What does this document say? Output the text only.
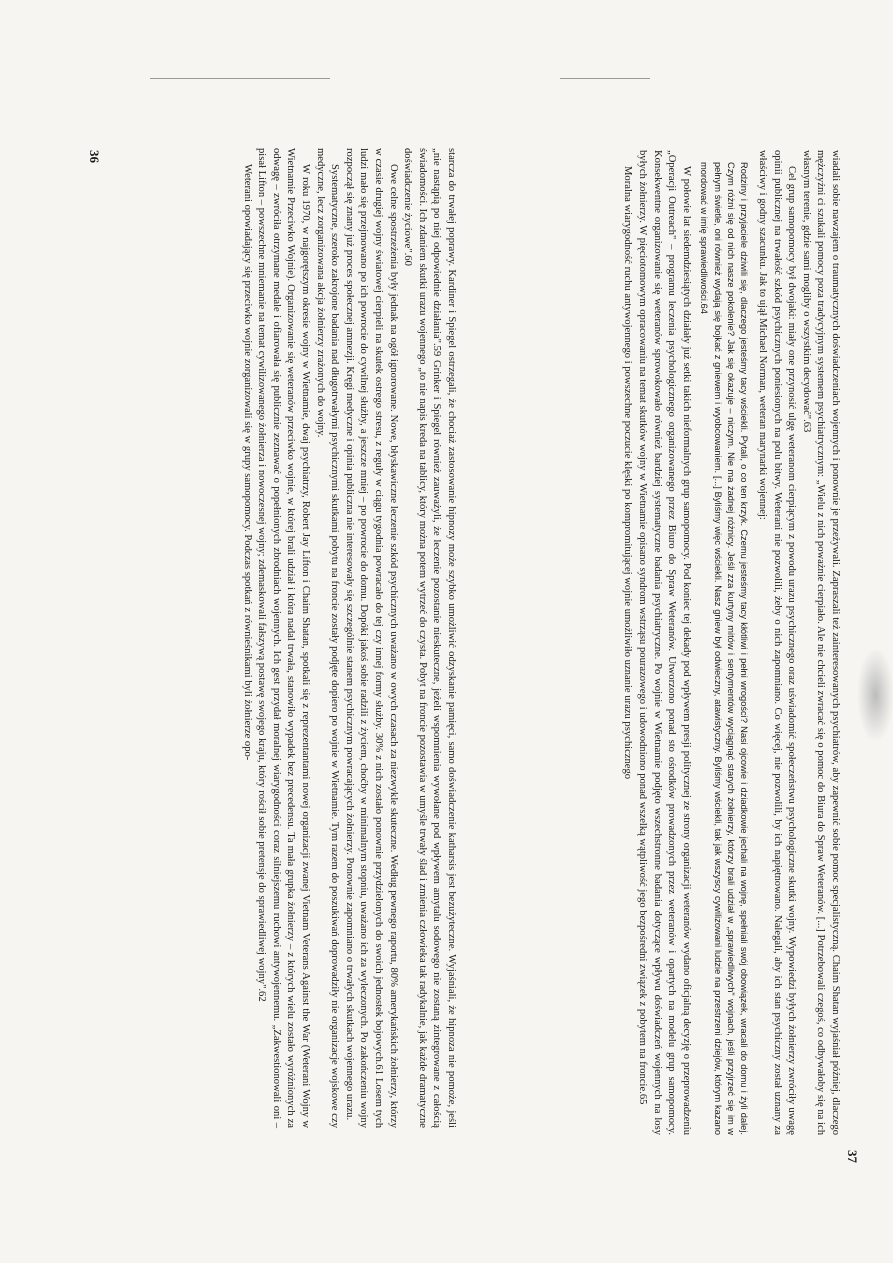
starcza do trwałej poprawy. Kardiner i Spiegel ostrzegali, że chociaż zastosowanie hipnozy może szybko umożliwić odzyskanie pamięci, samo doświadczenie katharsis jest bezużyteczne. Wyjaśniali, że hipnoza nie pomoże, jeśli „nie nastąpią po niej odpowiednie działania".59 Grinker i Spiegel również zauważyli, że leczenie pozostanie nieskuteczne, jeżeli wspomnienia wywołane pod wpływem amytalu sodowego nie zostaną zintegrowane z całością świadomości. Ich zdaniem skutki urazu wojennego „to nie napis kreda na tablicy, który można potem wytrzeć do czysta. Pobyt na froncie pozostawia w umyśle trwały ślad i zmienia człowieka tak radykalnie, jak każde dramatyczne doświadczenie życiowe".60

Owe celne spostrzeżenia były jednak na ogół ignorowane. Nowe, błyskawiczne leczenie szkód psychicznych uważano w owych czasach za niezwykle skuteczne. Według pewnego raportu, 80% amerykańskich żołnierzy, którzy w czasie drugiej wojny światowej cierpieli na skutek ostrego stresu, z reguły w ciągu tygodnia powracało do tej czy innej formy służby. 30% z nich zostało ponownie przydzielonych do swoich jednostek bojowych.61 Losem tych ludzi mało się przejmowano po ich powrocie do cywilnej służby, a jeszcze mniej – po powrocie do domu. Dopóki jakoś sobie radzili z życiem, choćby w minimalnym stopniu, uważano ich za wyleczonych. Po zakończeniu wojny rozpoczął się znany już proces społecznej amnezji. Kręgi medyczne i opinia publiczna nie interesowały się szczególnie stanem psychicznym powracających żołnierzy. Ponownie zapomniano o trwałych skutkach wojennego urazu.

Systematyczne, szeroko zakrojone badania nad długotrwałymi psychicznymi skutkami pobytu na froncie zostały podjęte dopiero po wojnie w Wietnamie. Tym razem do poszukiwań doprowadziły nie organizacje wojskowe czy medyczne, lecz zorganizowana akcja żołnierzy zrażonych do wojny.

W roku 1970, w najgorętszym okresie wojny w Wietnamie, dwaj psychiatrzy, Robert Jay Lifton i Chaim Shatan, spotkali się z reprezentantami nowej organizacji zwanej Vietnam Veterans Against the War (Weterani Wojny w Wietnamie Przeciwko Wojnie). Organizowanie się weteranów przeciwko wojnie, w której brali udział i która nadal trwała, stanowiło wypadek bez precedensu. Ta mała grupka żołnierzy – z których wielu zostało wyróżnionych za odwagę – zwróciła otrzymane medale i ofiarowała się publicznie zeznawać o popełnionych zbrodniach wojennych. Ich gest przydał moralnej wiarygodności coraz silniejszemu ruchowi antywojennemu. „Zakwestionowali oni – pisał Lifton – powszechne mniemanie na temat cywilizowanego żołnierza i nowoczesnej wojny; zdemaskowali fałszywą postawę swojego kraju, który rościł sobie pretensje do sprawiedliwej wojny".62

Weterani opowiadający się przeciwko wojnie zorganizowali się w grupy samopomocy. Podczas spotkań z równieśnikami byli żołnierze opo-

36	wiadali sobie nawzajem o traumatycznych doświadczeniach wojennych i ponownie je przeżywali. Zapraszali też zainteresowanych psychiatrów, aby zapewnić sobie pomoc specjalistyczną. Chaim Shatan wyjaśniał później, dlaczego mężczyźni ci szukali pomocy poza tradycyjnym systemem psychiatrycznym: „Wielu z nich poważnie cierpiało. Ale nie chcieli zwracać się o pomoc do Biura do Spraw Weteranów. [...] Potrzebowali czegoś, co odbywałoby się na ich własnym terenie, gdzie sami mogliby o wszystkim decydować".63

Cel grup samopomocy był dwojaki: miały one przynosić ulgę weteranom cierpiącym z powodu urazu psychicznego oraz uświadomić społeczeństwu psychologiczne skutki wojny. Wypowiedzi byłych żołnierzy zwróciły uwagę opinii publicznej na trwałość szkód psychicznych poniesionych na polu bitwy. Weterani nie pozwolili, żeby o nich zapomniano. Co więcej, nie pozwolili, by ich napiętnowano. Nalegali, aby ich stan psychiczny został uznany za właściwy i godny szacunku. Jak to ujął Michael Norman, weteran marynarki wojennej:

Rodziny i przyjaciele dziwili się, dlaczego jesteśmy tacy wściekli. Pytali, o co ten krzyk. Czemu jesteśmy tacy kłótliwi i pełni wrogości? Nasi ojcowie i dziadkowie jechali na wojnę, spełniali swój obowiązek, wracali do domu i żyli dalej. Czym różni się od nich nasze pokolenie? Jak się okazuje – niczym. Nie ma żadnej różnicy. Jeśli zza kurtyny mitów i sentymentów wyciągnąć starych żołnierzy, którzy brali udział w „sprawiedliwych" wojnach, jeśli przyjrzeć się im w pełnym świetle, oni również wydają się bojkać z gniewem i wyobcowaniem. [...] Byliśmy więc wściekli. Nasz gniew był odwieczny, atawistyczny. Byliśmy wściekli, tak jak wszyscy cywilizowani ludzie na przestrzeni dziejów, którym kazano mordować w imię sprawiedliwości.64

W połowie lat siedemdziesiątych działały już setki takich nieformalnych grup samopomocy. Pod koniec tej dekady pod wpływem presji politycznej ze strony organizacji weteranów wydano oficjalną decyzję o przeprowadzeniu „Operacji Outreach" – programu leczenia psychologicznego organizowanego przez Biuro do Spraw Weteranów. Utworzono ponad sto ośrodków prowadzonych przez weteranów i opartych na modelu grup samopomocy. Konsekwentne organizowanie się weteranów sprowokowało również bardziej systematyczne badania psychiatryczne. Po wojnie w Wietnamie podjęto wszechstronne badania dotyczące wpływu doświadczeń wojennych na losy byłych żołnierzy. W pięciotomowym opracowaniu na temat skutków wojny w Wietnamie opisano syndrom wstrząsu pourazowego i udowodniono ponad wszelką wątpliwość jego bezpośredni związek z pobytem na froncie.65

Moralna wiarygodność ruchu antywojennego i powszechne poczucie klęski po kompromitującej wojnie umożliwiło uznanie urazu psychicznego

37
